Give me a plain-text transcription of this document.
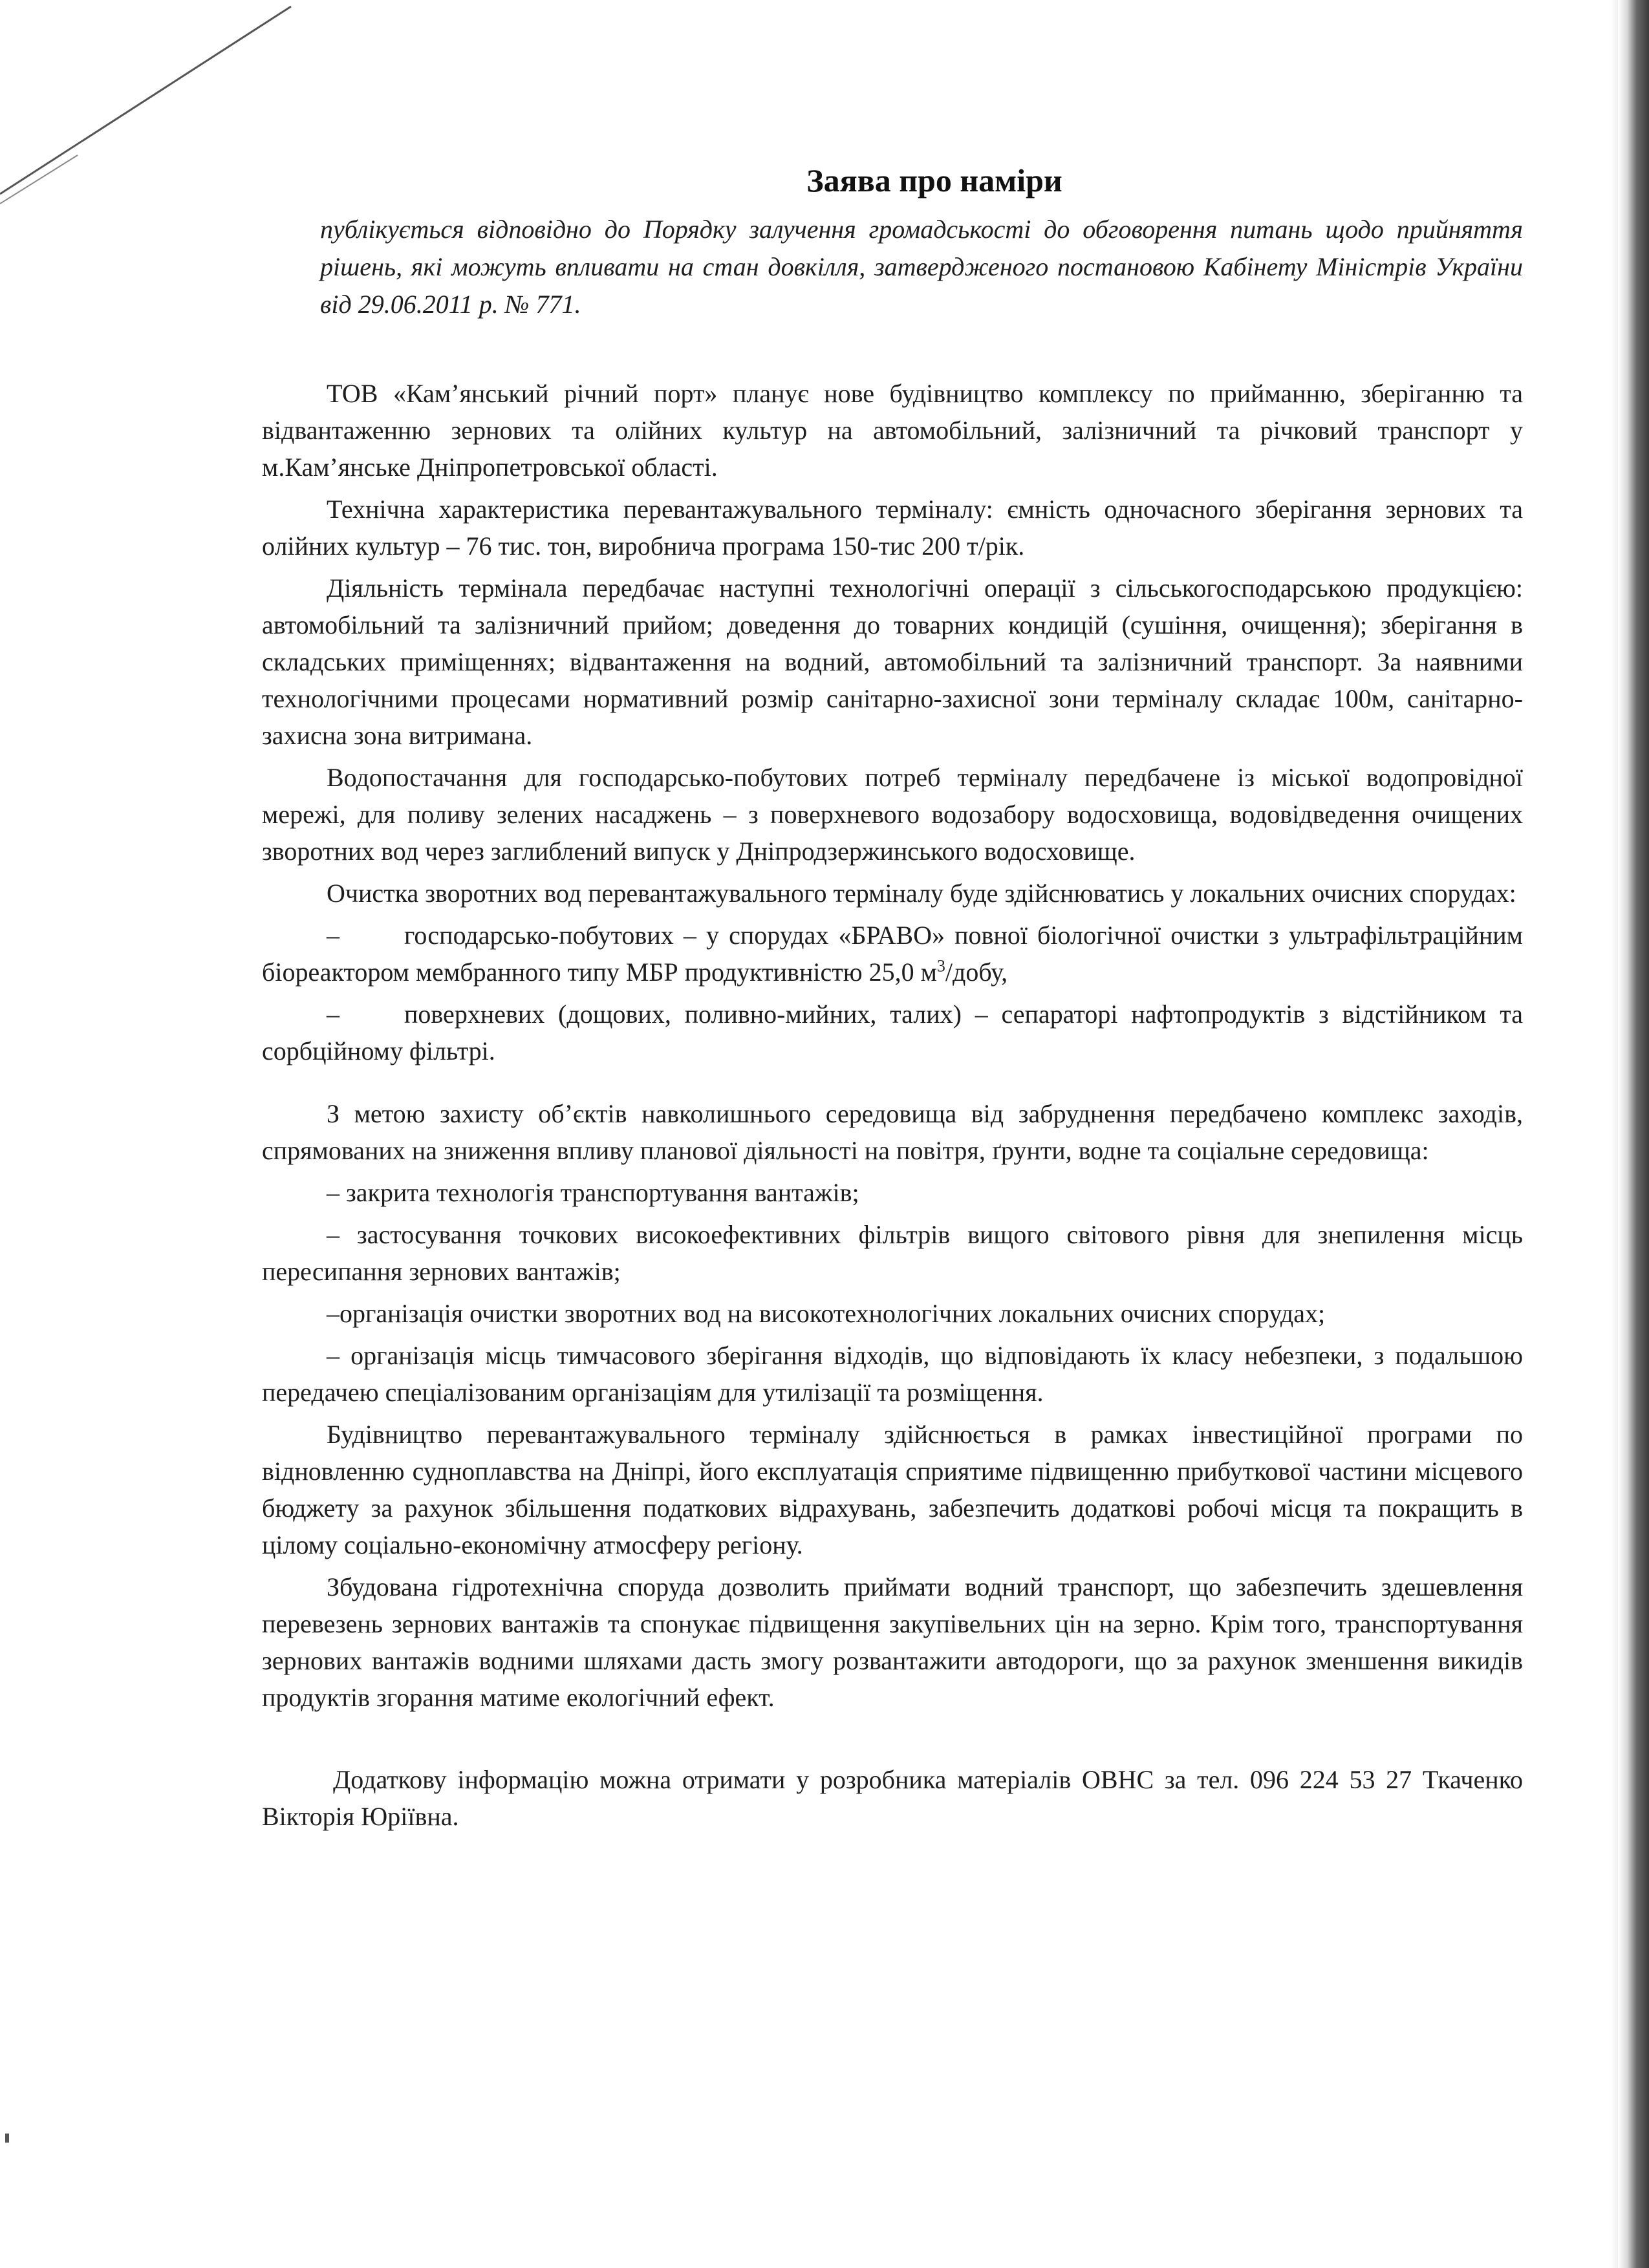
Заява про наміри
публікується відповідно до Порядку залучення громадськості до обговорення питань щодо прийняття рішень, які можуть впливати на стан довкілля, затвердженого постановою Кабінету Міністрів України від 29.06.2011 р. № 771.

ТОВ «Кам’янський річний порт» планує нове будівництво комплексу по прийманню, зберіганню та відвантаженню зернових та олійних культур на автомобільний, залізничний та річковий транспорт у м.Кам’янське Дніпропетровської області.

Технічна характеристика перевантажувального терміналу: ємність одночасного зберігання зернових та олійних культур – 76 тис. тон, виробнича програма 150-тис 200 т/рік.

Діяльність термінала передбачає наступні технологічні операції з сільськогосподарською продукцією: автомобільний та залізничний прийом; доведення до товарних кондицій (сушіння, очищення); зберігання в складських приміщеннях; відвантаження на водний, автомобільний та залізничний транспорт. За наявними технологічними процесами нормативний розмір санітарно-захисної зони терміналу складає 100м, санітарно-захисна зона витримана.

Водопостачання для господарсько-побутових потреб терміналу передбачене із міської водопровідної мережі, для поливу зелених насаджень – з поверхневого водозабору водосховища, водовідведення очищених зворотних вод через заглиблений випуск у Дніпродзержинського водосховище.

Очистка зворотних вод перевантажувального терміналу буде здійснюватись у локальних очисних спорудах:

–	господарсько-побутових – у спорудах «БРАВО» повної біологічної очистки з ультрафільтраційним біореактором мембранного типу МБР продуктивністю 25,0 $м^3$/добу,

–	поверхневих (дощових, поливно-мийних, талих) – сепараторі нафтопродуктів з відстійником та сорбційному фільтрі.

З метою захисту об’єктів навколишнього середовища від забруднення передбачено комплекс заходів, спрямованих на зниження впливу планової діяльності на повітря, ґрунти, водне та соціальне середовища:

– закрита технологія транспортування вантажів;

– застосування точкових високоефективних фільтрів вищого світового рівня для знепилення місць пересипання зернових вантажів;

–організація очистки зворотних вод на високотехнологічних локальних очисних спорудах;

– організація місць тимчасового зберігання відходів, що відповідають їх класу небезпеки, з подальшою передачею спеціалізованим організаціям для утилізації та розміщення.

Будівництво перевантажувального терміналу здійснюється в рамках інвестиційної програми по відновленню судноплавства на Дніпрі, його експлуатація сприятиме підвищенню прибуткової частини місцевого бюджету за рахунок збільшення податкових відрахувань, забезпечить додаткові робочі місця та покращить в цілому соціально-економічну атмосферу регіону.

Збудована гідротехнічна споруда дозволить приймати водний транспорт, що забезпечить здешевлення перевезень зернових вантажів та спонукає підвищення закупівельних цін на зерно. Крім того, транспортування зернових вантажів водними шляхами дасть змогу розвантажити автодороги, що за рахунок зменшення викидів продуктів згорання матиме екологічний ефект.

Додаткову інформацію можна отримати у розробника матеріалів ОВНС за тел. 096 224 53 27 Ткаченко Вікторія Юріївна.
